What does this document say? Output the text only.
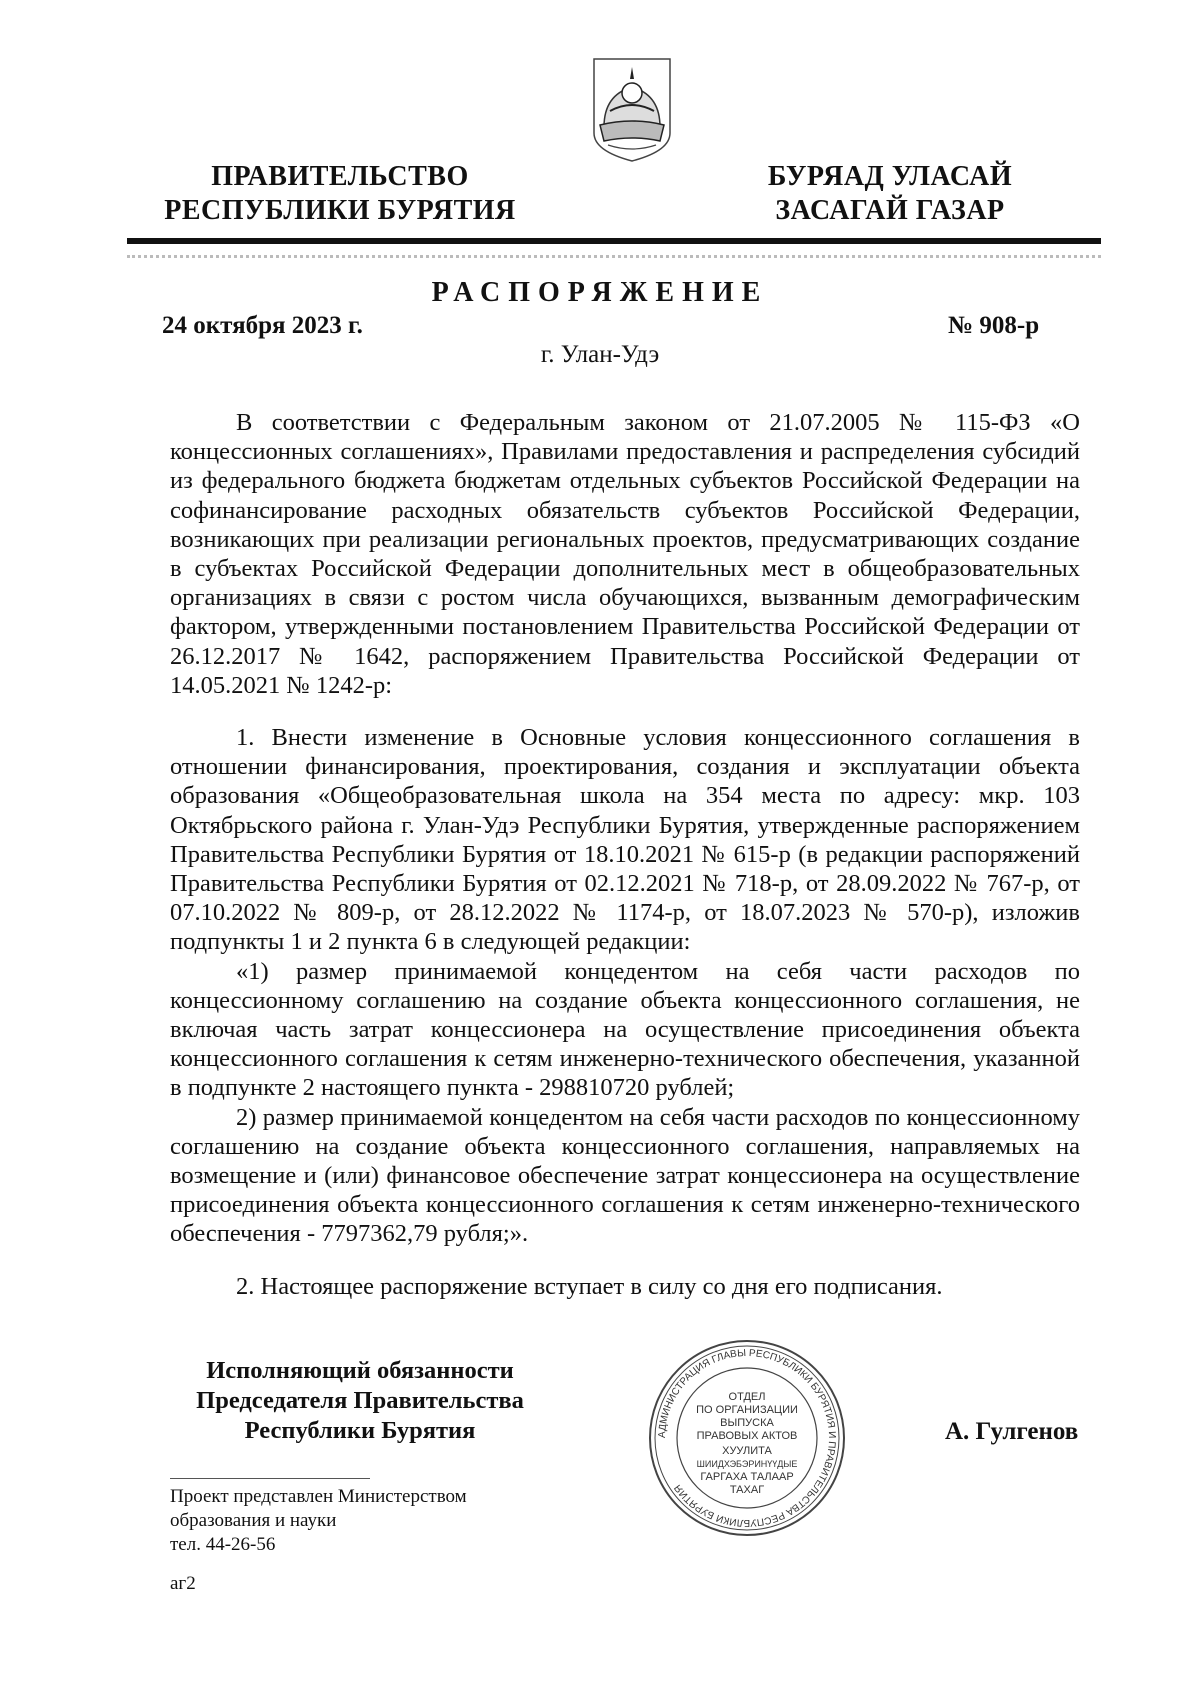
ПРАВИТЕЛЬСТВО
РЕСПУБЛИКИ БУРЯТИЯ
БУРЯАД УЛАСАЙ
ЗАСАГАЙ ГАЗАР
РАСПОРЯЖЕНИЕ
24 октября 2023 г.	№ 908-р
г. Улан-Удэ

В соответствии с Федеральным законом от 21.07.2005 № 115-ФЗ «О концессионных соглашениях», Правилами предоставления и распределения субсидий из федерального бюджета бюджетам отдельных субъектов Российской Федерации на софинансирование расходных обязательств субъектов Российской Федерации, возникающих при реализации региональных проектов, предусматривающих создание в субъектах Российской Федерации дополнительных мест в общеобразовательных организациях в связи с ростом числа обучающихся, вызванным демографическим фактором, утвержденными постановлением Правительства Российской Федерации от 26.12.2017 № 1642, распоряжением Правительства Российской Федерации от 14.05.2021 № 1242-р:

1. Внести изменение в Основные условия концессионного соглашения в отношении финансирования, проектирования, создания и эксплуатации объекта образования «Общеобразовательная школа на 354 места по адресу: мкр. 103 Октябрьского района г. Улан-Удэ Республики Бурятия, утвержденные распоряжением Правительства Республики Бурятия от 18.10.2021 № 615-р (в редакции распоряжений Правительства Республики Бурятия от 02.12.2021 № 718-р, от 28.09.2022 № 767-р, от 07.10.2022 № 809-р, от 28.12.2022 № 1174-р, от 18.07.2023 № 570-р), изложив подпункты 1 и 2 пункта 6 в следующей редакции:

«1) размер принимаемой концедентом на себя части расходов по концессионному соглашению на создание объекта концессионного соглашения, не включая часть затрат концессионера на осуществление присоединения объекта концессионного соглашения к сетям инженерно-технического обеспечения, указанной в подпункте 2 настоящего пункта - 298810720 рублей;

2) размер принимаемой концедентом на себя части расходов по концессионному соглашению на создание объекта концессионного соглашения, направляемых на возмещение и (или) финансовое обеспечение затрат концессионера на осуществление присоединения объекта концессионного соглашения к сетям инженерно-технического обеспечения - 7797362,79 рубля;».

2. Настоящее распоряжение вступает в силу со дня его подписания.

Исполняющий обязанности
Председателя Правительства
Республики Бурятия	А. Гулгенов
АДМИНИСТРАЦИЯ ГЛАВЫ РЕСПУБЛИКИ БУРЯТИЯ И ПРАВИТЕЛЬСТВА РЕСПУБЛИКИ БУРЯТИЯ
ОТДЕЛ
ПО ОРГАНИЗАЦИИ
ВЫПУСКА
ПРАВОВЫХ АКТОВ
ХУУЛИТА
ШИИДХЭБЭРИНҮҮДЫЕ
ГАРГАХА ТАЛААР
ТАХАГ
Проект представлен Министерством
образования и науки
тел. 44-26-56
аг2
